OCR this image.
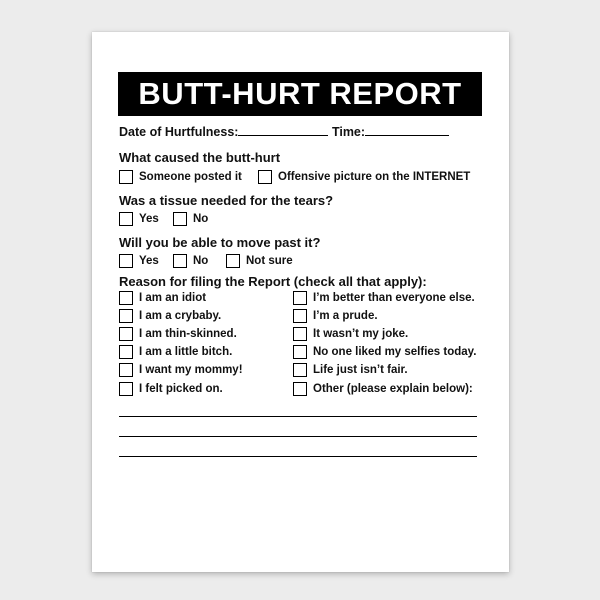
BUTT-HURT REPORT
Date of Hurtfulness:	Time:
What caused the butt-hurt
Someone posted it	Offensive picture on the INTERNET
Was a tissue needed for the tears?
Yes	No
Will you be able to move past it?
Yes	No	Not sure
Reason for filing the Report (check all that apply):
I am an idiot
I am a crybaby.
I am thin-skinned.
I am a little bitch.
I want my mommy!
I felt picked on.
I’m better than everyone else.
I’m a prude.
It wasn’t my joke.
No one liked my selfies today.
Life just isn’t fair.
Other (please explain below):
